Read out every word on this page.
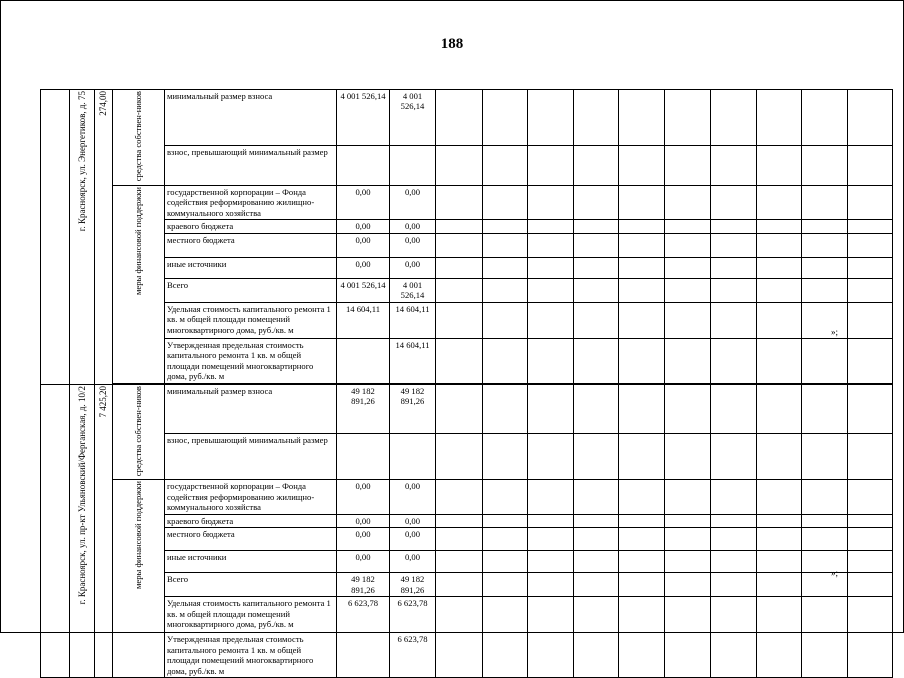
188
	г. Красноярск, ул. Энергетиков, д. 75	274,00	средства собствен-ников	минимальный размер взноса	4 001 526,14	4 001 526,14										
				взнос, превышающий минимальный размер												
			меры финансовой поддержки	государственной корпорации – Фонда содействия реформированию жилищно-коммунального хозяйства	0,00	0,00										
				краевого бюджета	0,00	0,00										
				местного бюджета	0,00	0,00										
				иные источники	0,00	0,00										
				Всего	4 001 526,14	4 001 526,14										
				Удельная стоимость капитального ремонта 1 кв. м общей площади помещений многоквартирного дома, руб./кв. м	14 604,11	14 604,11										
				Утвержденная предельная стоимость капитального ремонта 1 кв. м общей площади помещений многоквартирного дома, руб./кв. м		14 604,11										

	г. Красноярск, ул. пр-кт Ульяновский/Ферганская, д. 10/2	7 425,20	средства собствен-ников	минимальный размер взноса	49 182 891,26	49 182 891,26										
				взнос, превышающий минимальный размер												
			меры финансовой поддержки	государственной корпорации – Фонда содействия реформированию жилищно-коммунального хозяйства	0,00	0,00										
				краевого бюджета	0,00	0,00										
				местного бюджета	0,00	0,00										
				иные источники	0,00	0,00										
				Всего	49 182 891,26	49 182 891,26										
				Удельная стоимость капитального ремонта 1 кв. м общей площади помещений многоквартирного дома, руб./кв. м	6 623,78	6 623,78										
				Утвержденная предельная стоимость капитального ремонта 1 кв. м общей площади помещений многоквартирного дома, руб./кв. м		6 623,78										
»;
»;
